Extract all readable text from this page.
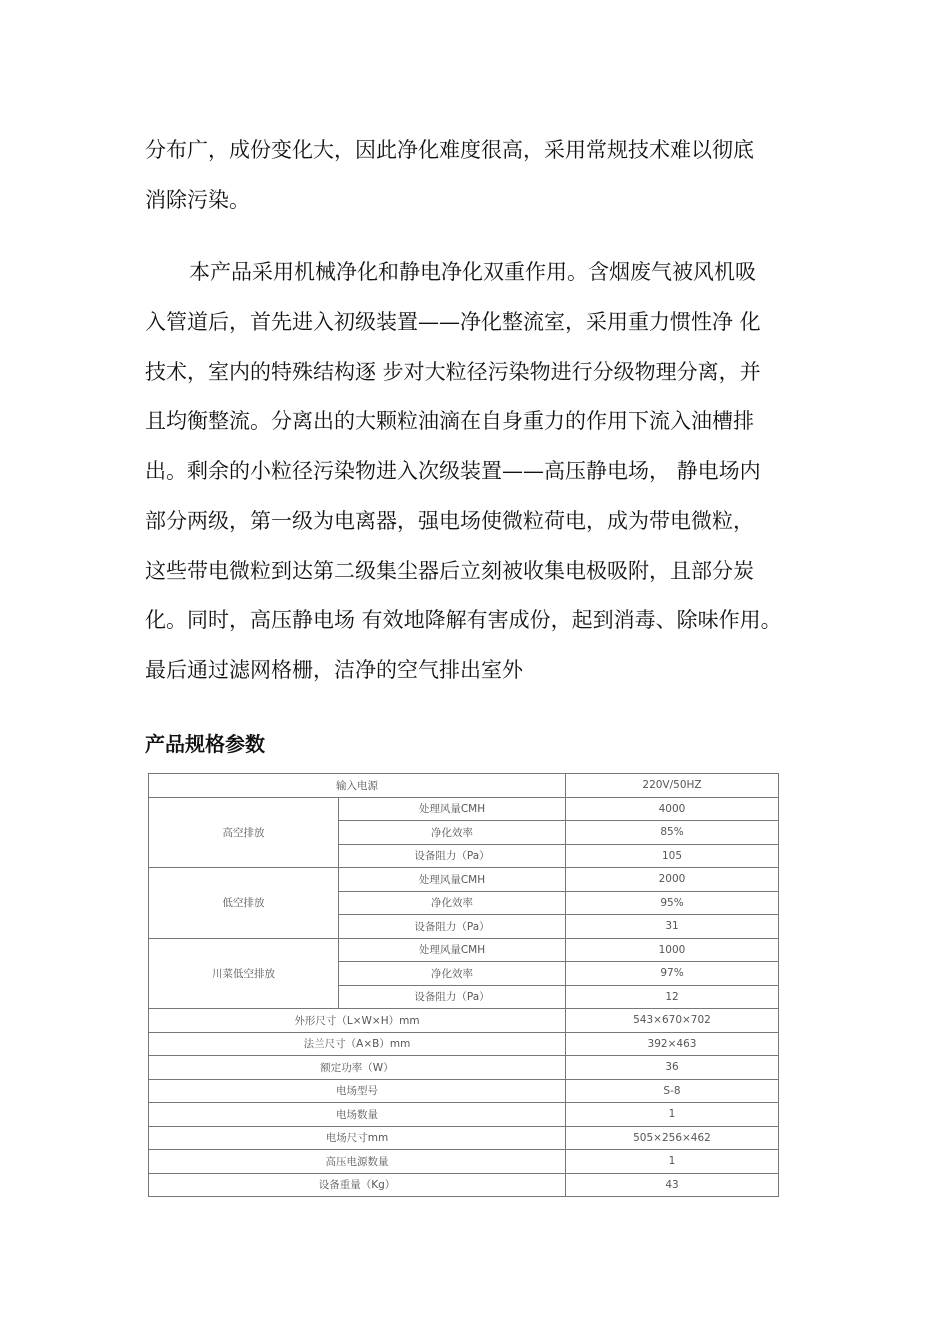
分布广，成份变化大，因此净化难度很高，采用常规技术难以彻底

消除污染。

本产品采用机械净化和静电净化双重作用。含烟废气被风机吸

入管道后，首先进入初级装置——净化整流室，采用重力惯性净 化

技术，室内的特殊结构逐 步对大粒径污染物进行分级物理分离，并

且均衡整流。分离出的大颗粒油滴在自身重力的作用下流入油槽排

出。剩余的小粒径污染物进入次级装置——高压静电场， 静电场内

部分两级，第一级为电离器，强电场使微粒荷电，成为带电微粒，

这些带电微粒到达第二级集尘器后立刻被收集电极吸附，且部分炭

化。同时，高压静电场 有效地降解有害成份，起到消毒、除味作用。

最后通过滤网格栅，洁净的空气排出室外

产品规格参数
输入电源		220V/50HZ
高空排放	处理风量CMH	4000
	净化效率	85%
	设备阻力（Pa）	105
低空排放	处理风量CMH	2000
	净化效率	95%
	设备阻力（Pa）	31
川菜低空排放	处理风量CMH	1000
	净化效率	97%
	设备阻力（Pa）	12
外形尺寸（L×W×H）mm		543×670×702
法兰尺寸（A×B）mm		392×463
额定功率（W）		36
电场型号		S-8
电场数量		1
电场尺寸mm		505×256×462
高压电源数量		1
设备重量（Kg）		43
